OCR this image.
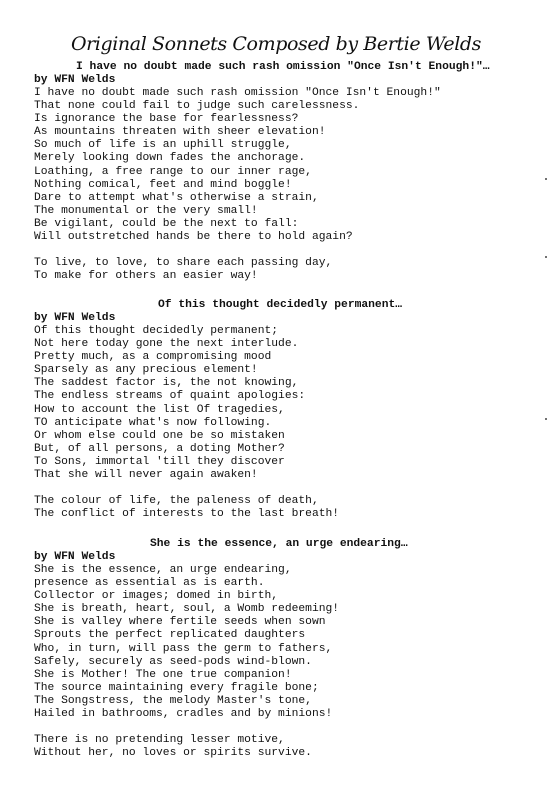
Original Sonnets Composed by Bertie Welds
I have no doubt made such rash omission "Once Isn't Enough!"…
by WFN Welds
I have no doubt made such rash omission "Once Isn't Enough!"
That none could fail to judge such carelessness.
Is ignorance the base for fearlessness?
As mountains threaten with sheer elevation!
So much of life is an uphill struggle,
Merely looking down fades the anchorage.
Loathing, a free range to our inner rage,
Nothing comical, feet and mind boggle!
Dare to attempt what's otherwise a strain,
The monumental or the very small!
Be vigilant, could be the next to fall:
Will outstretched hands be there to hold again?
To live, to love, to share each passing day,
To make for others an easier way!
Of this thought decidedly permanent…
by WFN Welds
Of this thought decidedly permanent;
Not here today gone the next interlude.
Pretty much, as a compromising mood
Sparsely as any precious element!
The saddest factor is, the not knowing,
The endless streams of quaint apologies:
How to account the list Of tragedies,
TO anticipate what's now following.
Or whom else could one be so mistaken
But, of all persons, a doting Mother?
To Sons, immortal 'till they discover
That she will never again awaken!
The colour of life, the paleness of death,
The conflict of interests to the last breath!
She is the essence, an urge endearing…
by WFN Welds
She is the essence, an urge endearing,
presence as essential as is earth.
Collector or images; domed in birth,
She is breath, heart, soul, a Womb redeeming!
She is valley where fertile seeds when sown
Sprouts the perfect replicated daughters
Who, in turn, will pass the germ to fathers,
Safely, securely as seed-pods wind-blown.
She is Mother! The one true companion!
The source maintaining every fragile bone;
The Songstress, the melody Master's tone,
Hailed in bathrooms, cradles and by minions!
There is no pretending lesser motive,
Without her, no loves or spirits survive.
